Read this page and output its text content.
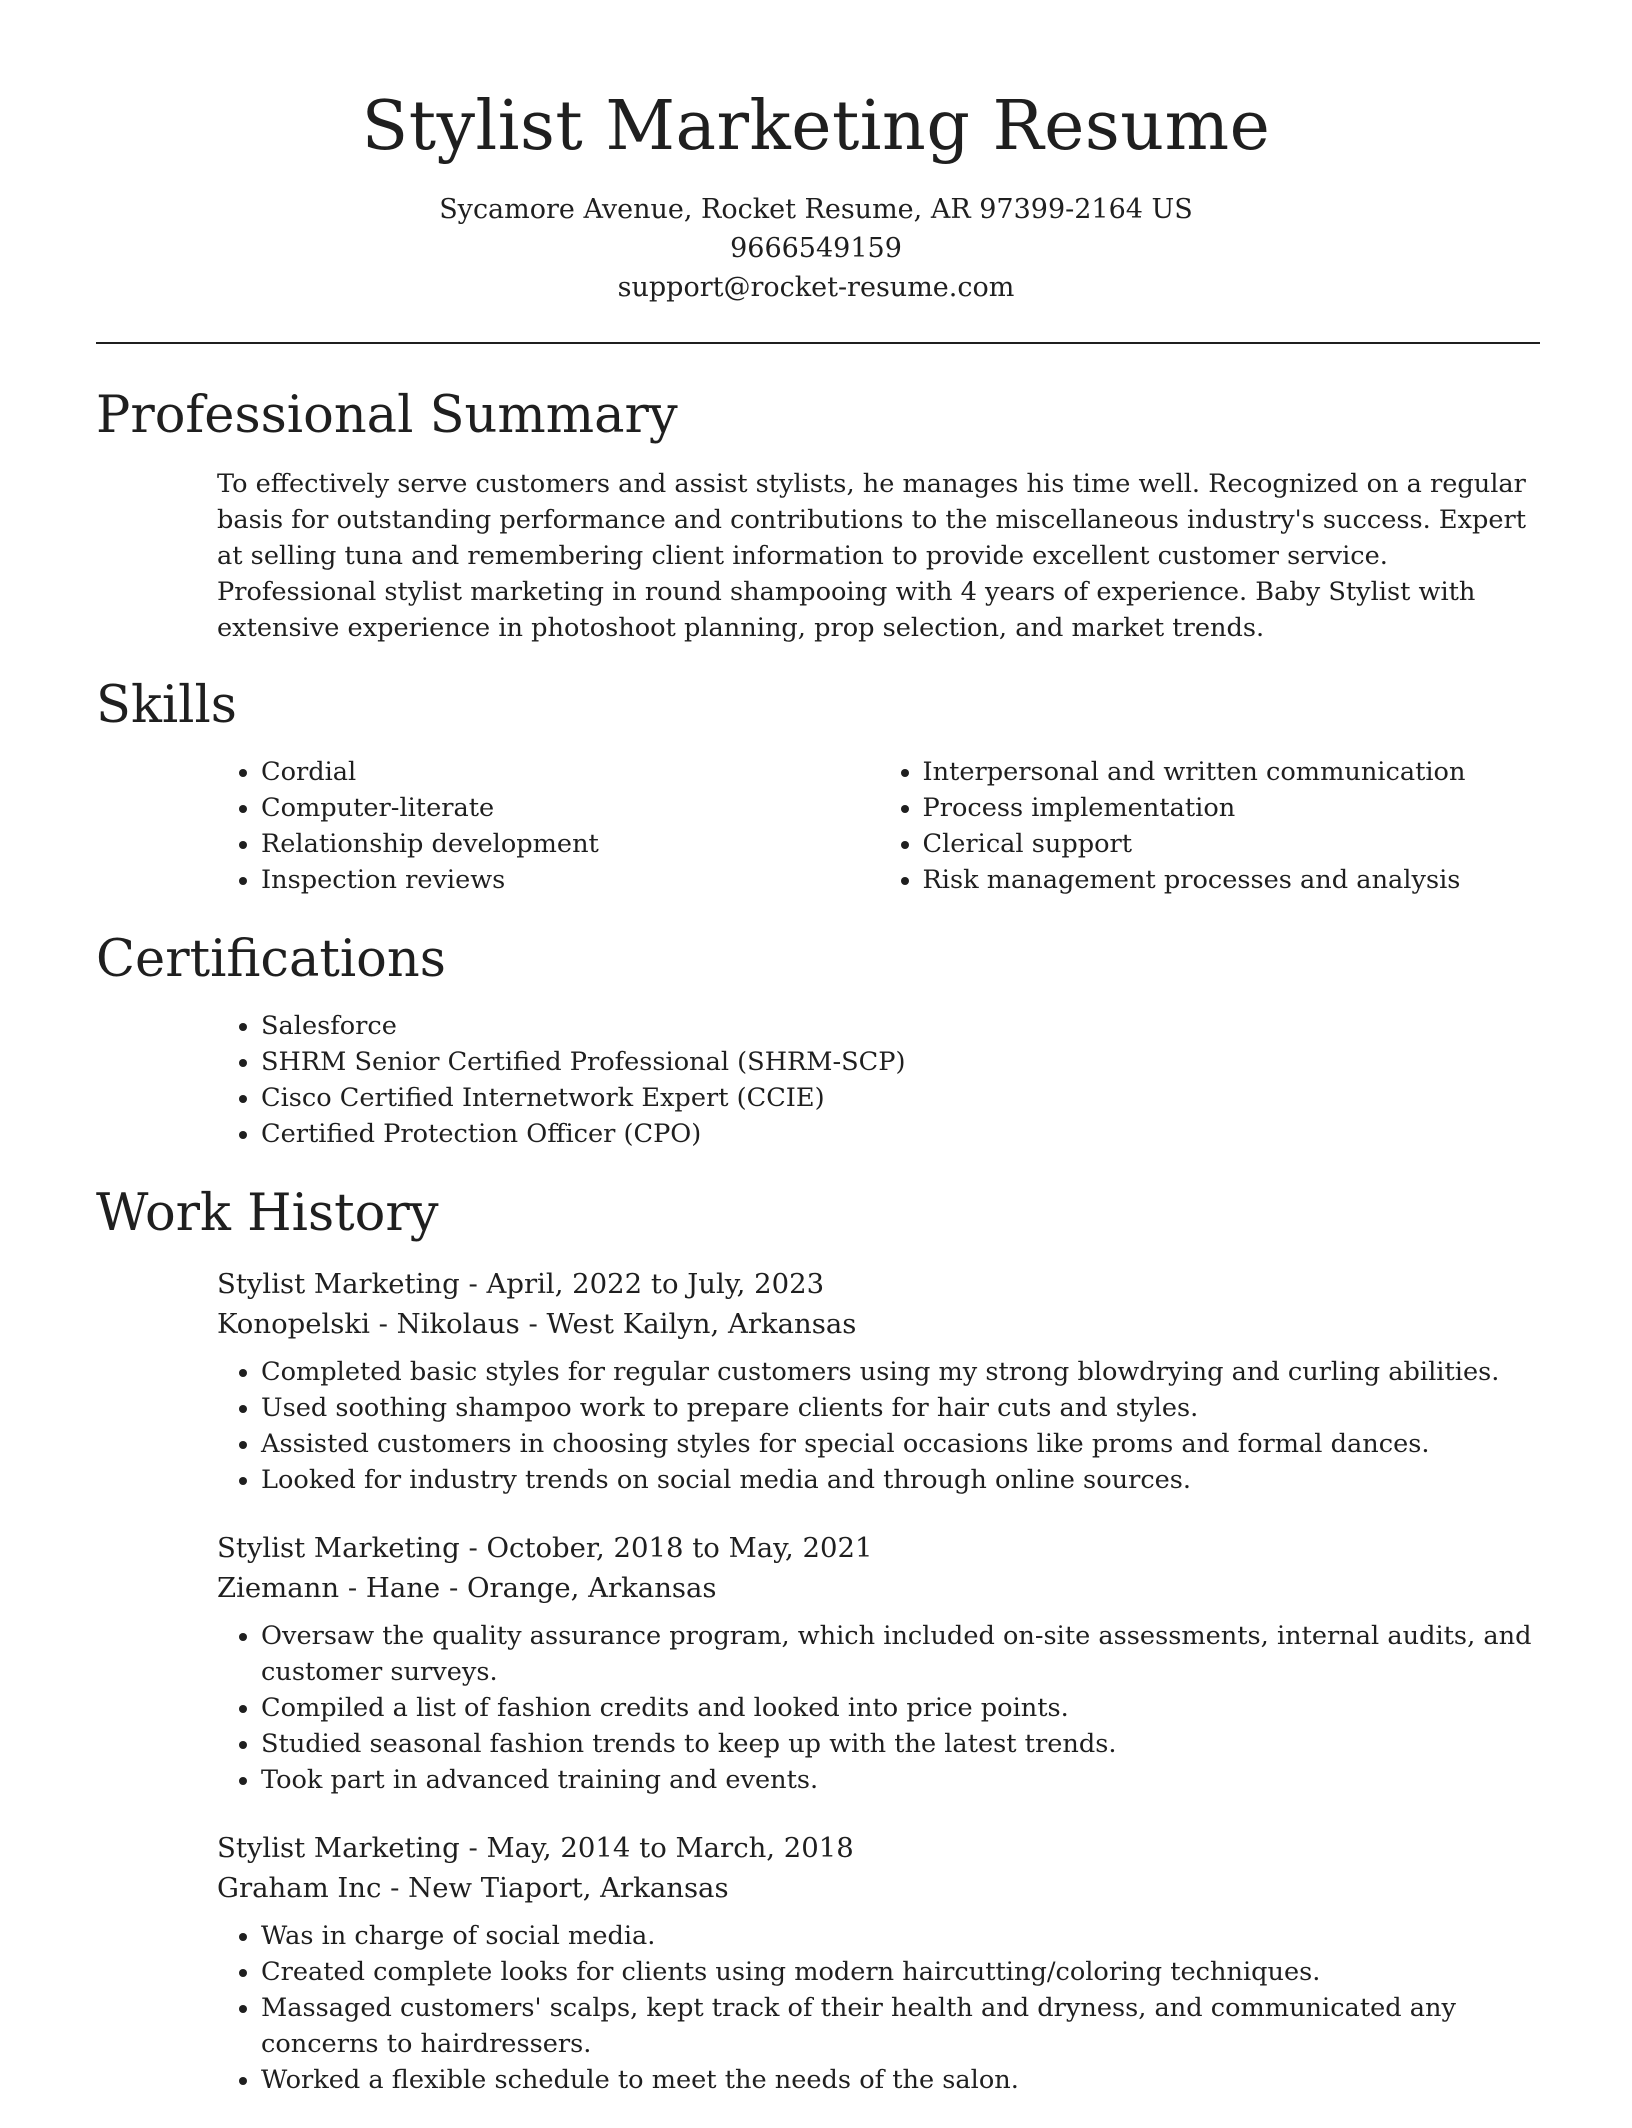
Stylist Marketing Resume
Sycamore Avenue, Rocket Resume, AR 97399-2164 US
9666549159
support@rocket-resume.com
Professional Summary
To effectively serve customers and assist stylists, he manages his time well. Recognized on a regular basis for outstanding performance and contributions to the miscellaneous industry's success. Expert at selling tuna and remembering client information to provide excellent customer service. Professional stylist marketing in round shampooing with 4 years of experience. Baby Stylist with extensive experience in photoshoot planning, prop selection, and market trends.
Skills
• Cordial
• Computer-literate
• Relationship development
• Inspection reviews
• Interpersonal and written communication
• Process implementation
• Clerical support
• Risk management processes and analysis
Certifications
• Salesforce
• SHRM Senior Certified Professional (SHRM-SCP)
• Cisco Certified Internetwork Expert (CCIE)
• Certified Protection Officer (CPO)
Work History
Stylist Marketing - April, 2022 to July, 2023
Konopelski - Nikolaus - West Kailyn, Arkansas
• Completed basic styles for regular customers using my strong blowdrying and curling abilities.
• Used soothing shampoo work to prepare clients for hair cuts and styles.
• Assisted customers in choosing styles for special occasions like proms and formal dances.
• Looked for industry trends on social media and through online sources.
Stylist Marketing - October, 2018 to May, 2021
Ziemann - Hane - Orange, Arkansas
• Oversaw the quality assurance program, which included on-site assessments, internal audits, and customer surveys.
• Compiled a list of fashion credits and looked into price points.
• Studied seasonal fashion trends to keep up with the latest trends.
• Took part in advanced training and events.
Stylist Marketing - May, 2014 to March, 2018
Graham Inc - New Tiaport, Arkansas
• Was in charge of social media.
• Created complete looks for clients using modern haircutting/coloring techniques.
• Massaged customers' scalps, kept track of their health and dryness, and communicated any concerns to hairdressers.
• Worked a flexible schedule to meet the needs of the salon.
